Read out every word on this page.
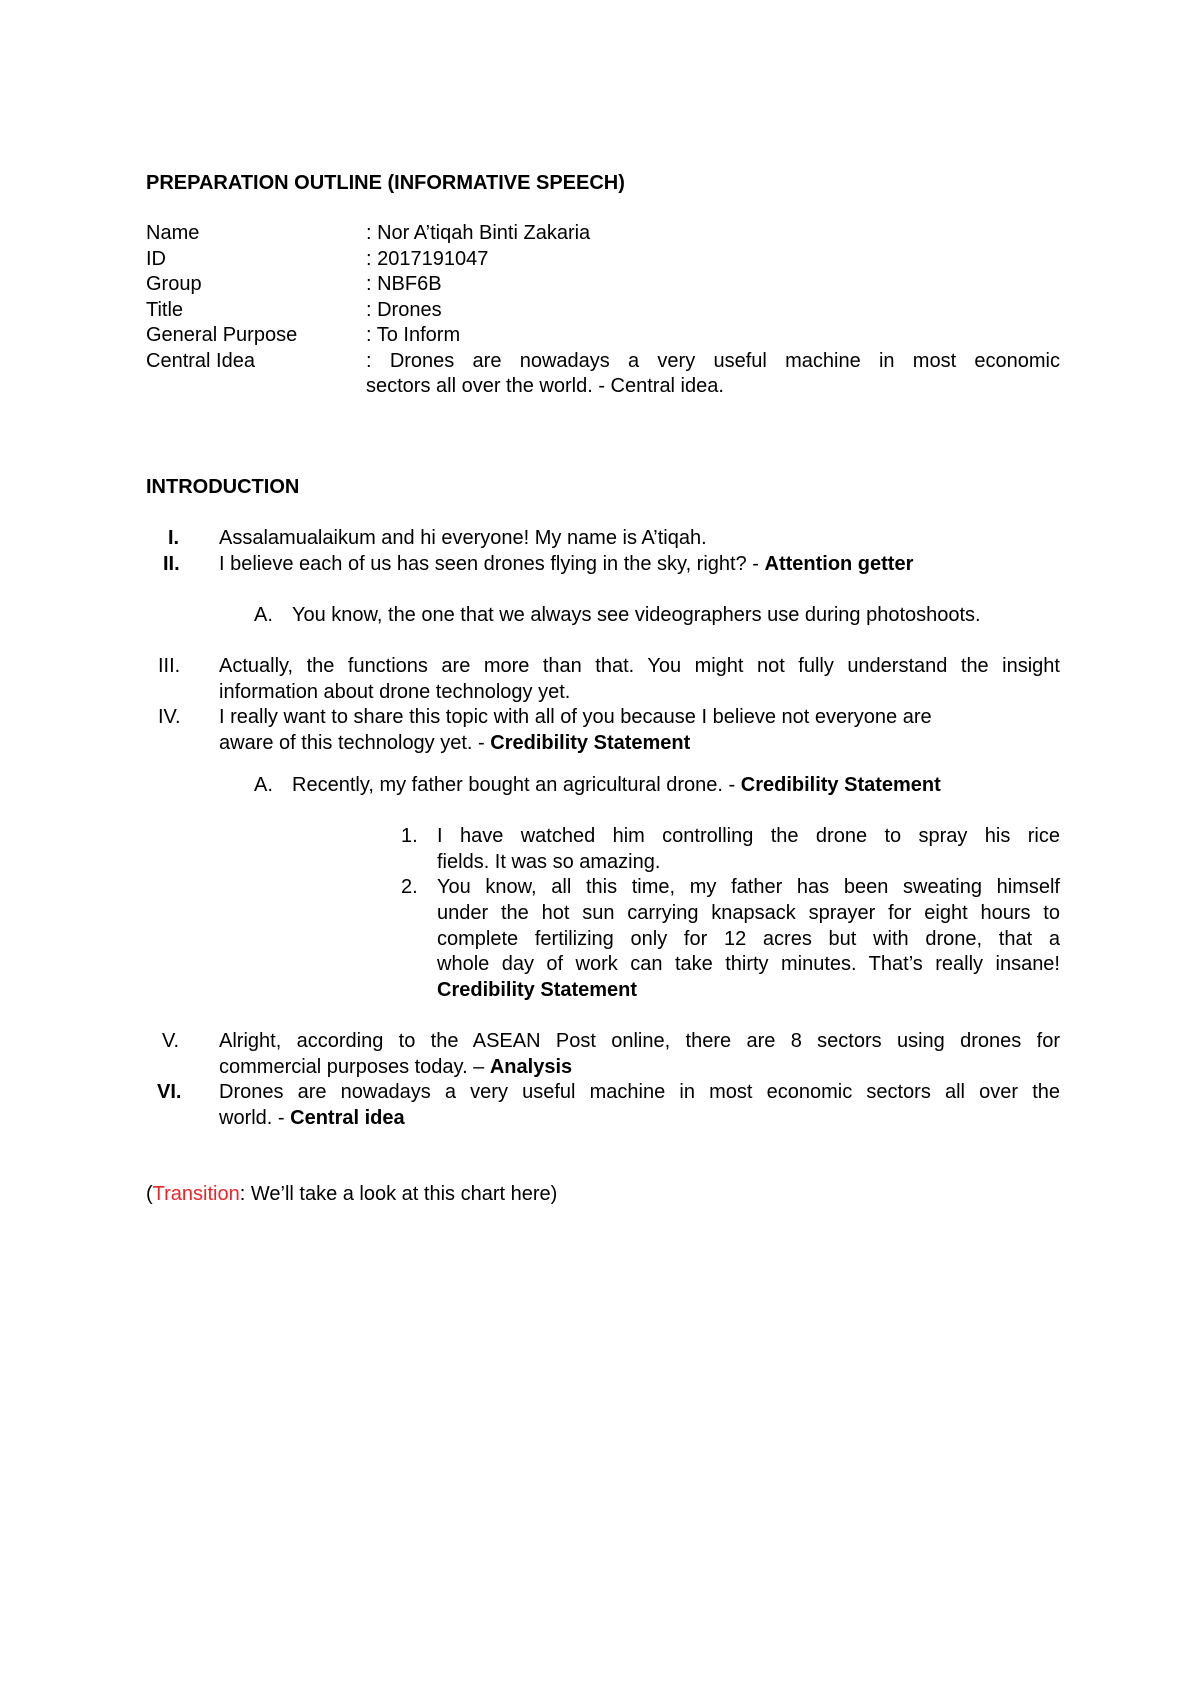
PREPARATION OUTLINE (INFORMATIVE SPEECH)
Name	: Nor A’tiqah Binti Zakaria
ID	: 2017191047
Group	: NBF6B
Title	: Drones
General Purpose	: To Inform
Central Idea	: Drones are nowadays a very useful machine in most economic
sectors all over the world. - Central idea.
INTRODUCTION
I. Assalamualaikum and hi everyone! My name is A’tiqah.
II. I believe each of us has seen drones flying in the sky, right? - Attention getter
A. You know, the one that we always see videographers use during photoshoots.
III. Actually, the functions are more than that. You might not fully understand the insight
information about drone technology yet.
IV. I really want to share this topic with all of you because I believe not everyone are
aware of this technology yet. - Credibility Statement
A. Recently, my father bought an agricultural drone. - Credibility Statement
1. I have watched him controlling the drone to spray his rice
fields. It was so amazing.
2. You know, all this time, my father has been sweating himself
under the hot sun carrying knapsack sprayer for eight hours to
complete fertilizing only for 12 acres but with drone, that a
whole day of work can take thirty minutes. That’s really insane!
Credibility Statement
V. Alright, according to the ASEAN Post online, there are 8 sectors using drones for
commercial purposes today. – Analysis
VI. Drones are nowadays a very useful machine in most economic sectors all over the
world. - Central idea
(Transition: We’ll take a look at this chart here)
